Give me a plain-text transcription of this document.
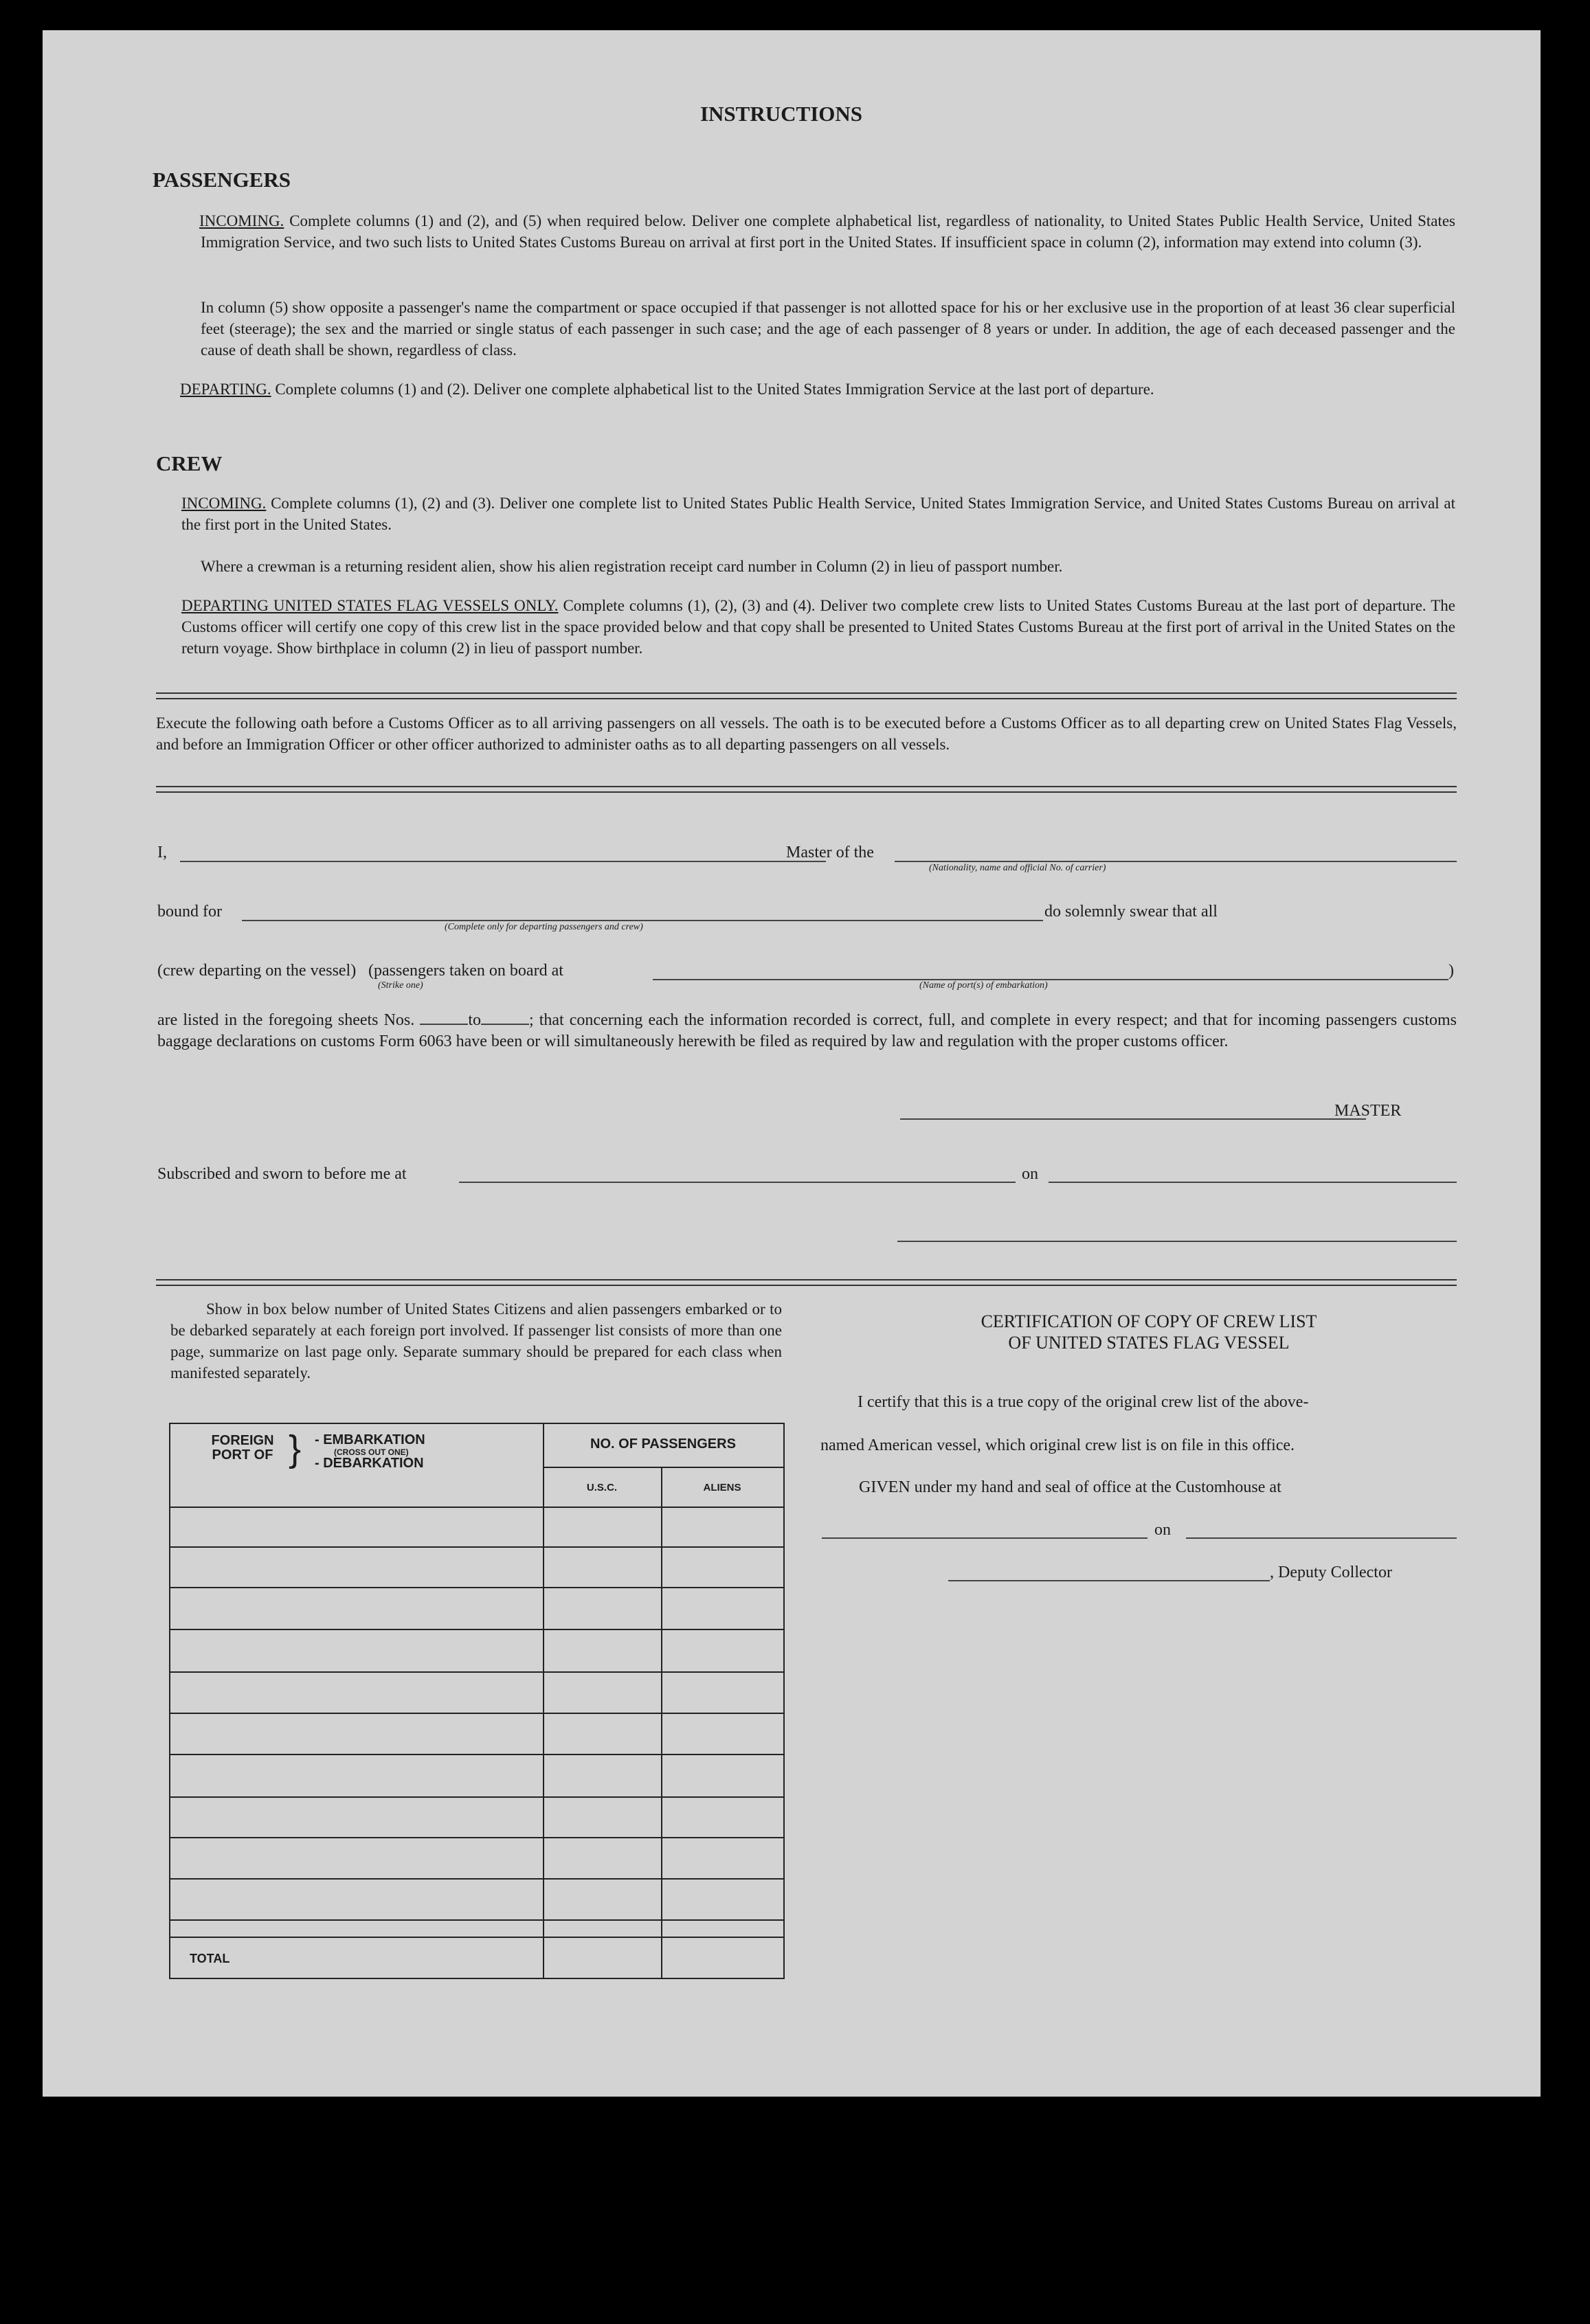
INSTRUCTIONS
PASSENGERS
INCOMING. Complete columns (1) and (2), and (5) when required below. Deliver one complete alphabetical list, regardless of nationality, to United States Public Health Service, United States Immigration Service, and two such lists to United States Customs Bureau on arrival at first port in the United States. If insufficient space in column (2), information may extend into column (3).
In column (5) show opposite a passenger's name the compartment or space occupied if that passenger is not allotted space for his or her exclusive use in the proportion of at least 36 clear superficial feet (steerage); the sex and the married or single status of each passenger in such case; and the age of each passenger of 8 years or under. In addition, the age of each deceased passenger and the cause of death shall be shown, regardless of class.
DEPARTING. Complete columns (1) and (2). Deliver one complete alphabetical list to the United States Immigration Service at the last port of departure.
CREW
INCOMING. Complete columns (1), (2) and (3). Deliver one complete list to United States Public Health Service, United States Immigration Service, and United States Customs Bureau on arrival at the first port in the United States.
Where a crewman is a returning resident alien, show his alien registration receipt card number in Column (2) in lieu of passport number.
DEPARTING UNITED STATES FLAG VESSELS ONLY. Complete columns (1), (2), (3) and (4). Deliver two complete crew lists to United States Customs Bureau at the last port of departure. The Customs officer will certify one copy of this crew list in the space provided below and that copy shall be presented to United States Customs Bureau at the first port of arrival in the United States on the return voyage. Show birthplace in column (2) in lieu of passport number.
Execute the following oath before a Customs Officer as to all arriving passengers on all vessels. The oath is to be executed before a Customs Officer as to all departing crew on United States Flag Vessels, and before an Immigration Officer or other officer authorized to administer oaths as to all departing passengers on all vessels.
I,	Master of the
(Nationality, name and official No. of carrier)
bound for	do solemnly swear that all
(Complete only for departing passengers and crew)
(crew departing on the vessel) (passengers taken on board at	)
(Strike one)	(Name of port(s) of embarkation)
are listed in the foregoing sheets Nos.	to	; that concerning each the information recorded is correct, full, and complete in every respect; and that for incoming passengers customs baggage declarations on customs Form 6063 have been or will simultaneously herewith be filed as required by law and regulation with the proper customs officer.
MASTER
Subscribed and sworn to before me at	on
Show in box below number of United States Citizens and alien passengers embarked or to be debarked separately at each foreign port involved. If passenger list consists of more than one page, summarize on last page only. Separate summary should be prepared for each class when manifested separately.
FOREIGN PORT OF } - EMBARKATION
(CROSS OUT ONE)
- DEBARKATION
NO. OF PASSENGERS
U.S.C.	ALIENS
TOTAL
CERTIFICATION OF COPY OF CREW LIST
OF UNITED STATES FLAG VESSEL
I certify that this is a true copy of the original crew list of the above-
named American vessel, which original crew list is on file in this office.
GIVEN under my hand and seal of office at the Customhouse at
on
, Deputy Collector
